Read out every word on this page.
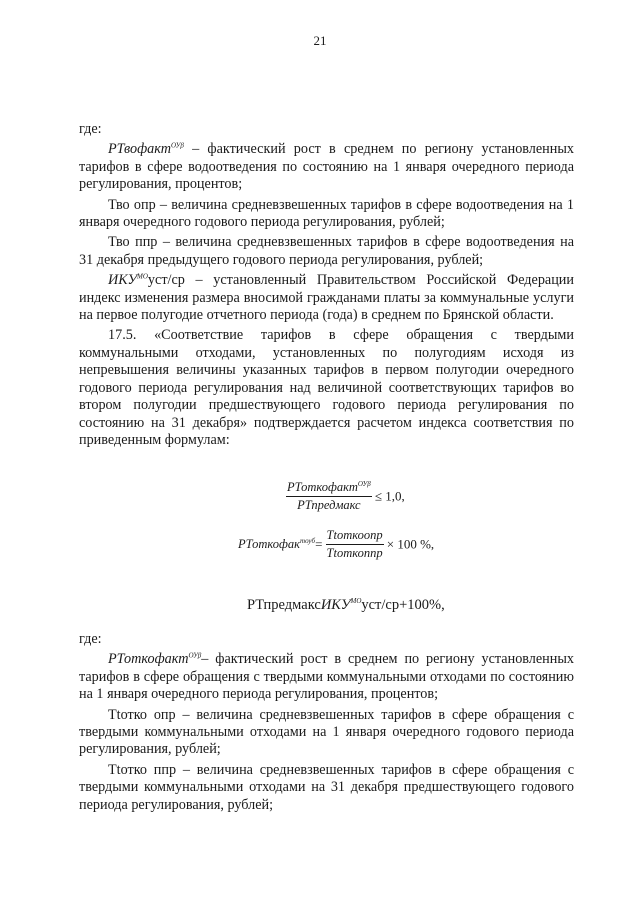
21

где:

РТвофакт$^{ОУ\beta}$ – фактический рост в среднем по региону установленных тарифов в сфере водоотведения по состоянию на 1 января очередного периода регулирования, процентов;

Тво опр – величина средневзвешенных тарифов в сфере водоотведения на 1 января очередного годового периода регулирования, рублей;

Тво ппр – величина средневзвешенных тарифов в сфере водоотведения на 31 декабря предыдущего годового периода регулирования, рублей;

$ИКУ^{МО}уст/ср$ – установленный Правительством Российской Федерации индекс изменения размера вносимой гражданами платы за коммунальные услуги на первое полугодие отчетного периода (года) в среднем по Брянской области.

17.5. «Соответствие тарифов в сфере обращения с твердыми коммунальными отходами, установленных по полугодиям исходя из непревышения величины указанных тарифов в первом полугодии очередного годового периода регулирования над величиной соответствующих тарифов во втором полугодии предшествующего годового периода регулирования по состоянию на 31 декабря» подтверждается расчетом индекса соответствия по приведенным формулам:

$\frac{РТоткофакт^{ОУ\beta}}{\text{РТпредмакс}} \le 1,0$,
РТоткофак$^{тоуб}$= $\frac{\text{Тtоткоопр}}{\text{Тtоткоппр}} \times 100$ %,
РТпредмаксИКУ$^{МО}$уст/ср+100%,

где:

РТоткофакт$^{ОУ\beta}$– фактический рост в среднем по региону установленных тарифов в сфере обращения с твердыми коммунальными отходами по состоянию на 1 января очередного периода регулирования, процентов;

Тtотко опр – величина средневзвешенных тарифов в сфере обращения с твердыми коммунальными отходами на 1 января очередного годового периода регулирования, рублей;

Тtотко ппр – величина средневзвешенных тарифов в сфере обращения с твердыми коммунальными отходами на 31 декабря предшествующего годового периода регулирования, рублей;
